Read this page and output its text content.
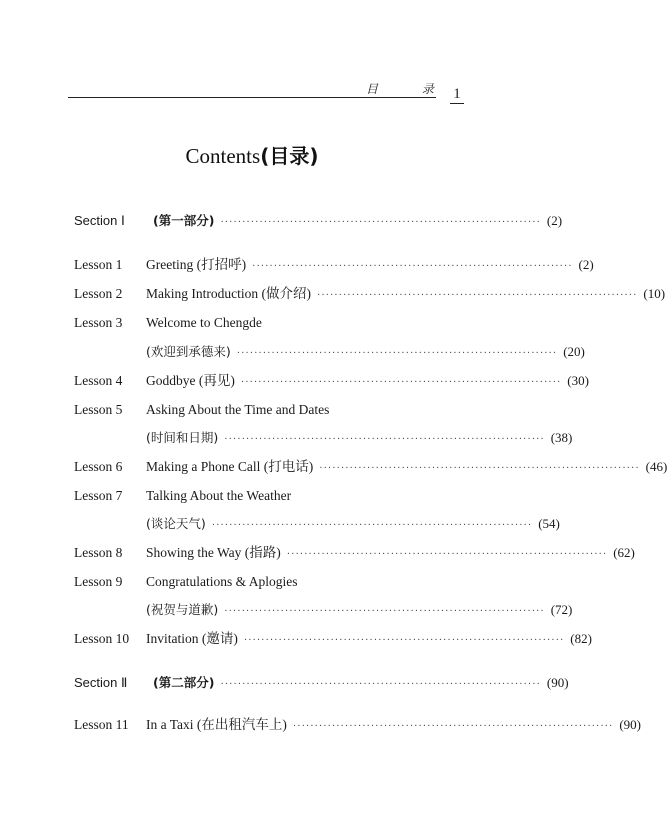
目 录 1
Contents(目录)
Section Ⅰ	(第一部分) ·········································································· (2)
Lesson 1	Greeting (打招呼) ·········································································· (2)
Lesson 2	Making Introduction (做介绍) ·········································································· (10)
Lesson 3	Welcome to Chengde
(欢迎到承德来) ·········································································· (20)
Lesson 4	Goddbye (再见) ·········································································· (30)
Lesson 5	Asking About the Time and Dates
(时间和日期) ·········································································· (38)
Lesson 6	Making a Phone Call (打电话) ·········································································· (46)
Lesson 7	Talking About the Weather
(谈论天气) ·········································································· (54)
Lesson 8	Showing the Way (指路) ·········································································· (62)
Lesson 9	Congratulations & Aplogies
(祝贺与道歉) ·········································································· (72)
Lesson 10	Invitation (邀请) ·········································································· (82)
Section Ⅱ	(第二部分) ·········································································· (90)
Lesson 11	In a Taxi (在出租汽车上) ·········································································· (90)
